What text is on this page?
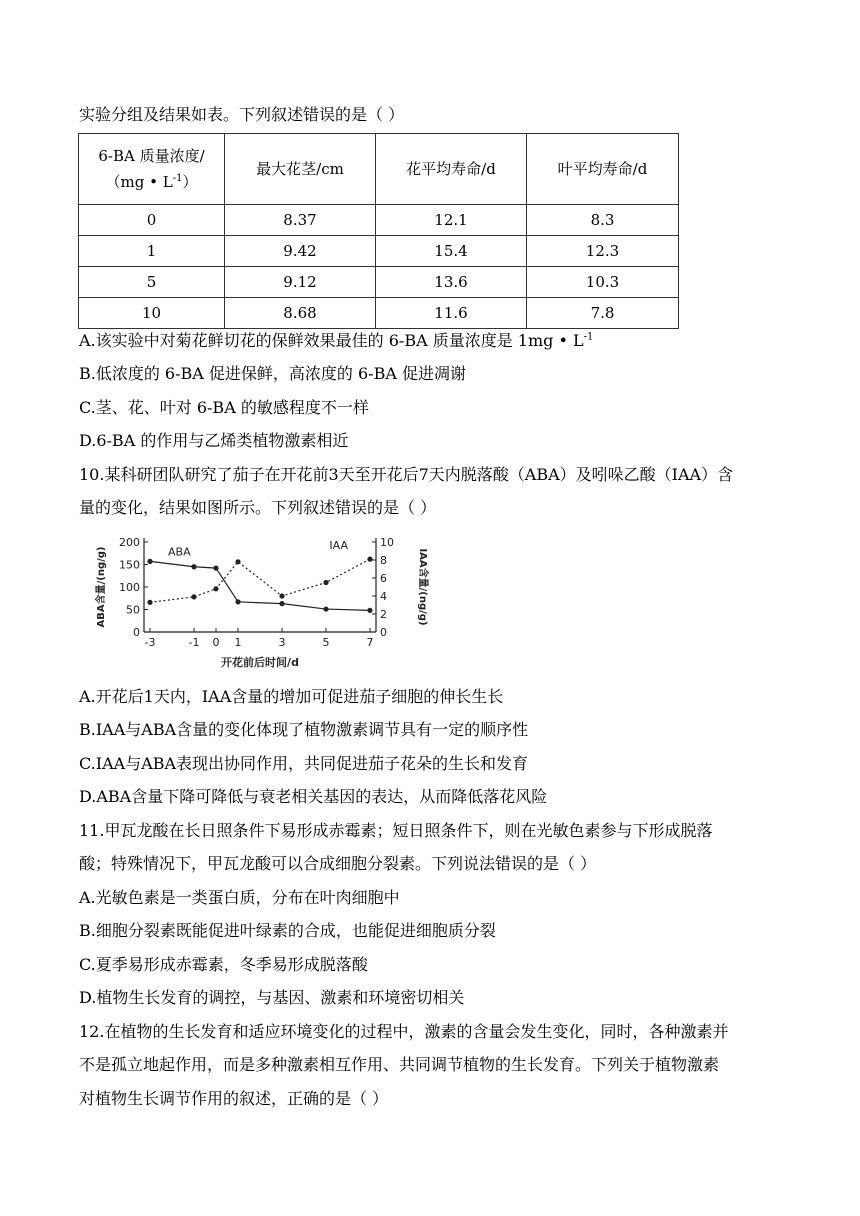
实验分组及结果如表。下列叙述错误的是（ ）
6-BA 质量浓度/
（mg • $L^{-1}$）	最大花茎/cm	花平均寿命/d	叶平均寿命/d
0	8.37	12.1	8.3
1	9.42	15.4	12.3
5	9.12	13.6	10.3
10	8.68	11.6	7.8
A.该实验中对菊花鲜切花的保鲜效果最佳的 6-BA 质量浓度是 1mg • $L^{-1}$
B.低浓度的 6-BA 促进保鲜，高浓度的 6-BA 促进凋谢
C.茎、花、叶对 6-BA 的敏感程度不一样
D.6-BA 的作用与乙烯类植物激素相近
10.某科研团队研究了茄子在开花前3天至开花后7天内脱落酸（ABA）及吲哚乙酸（IAA）含
量的变化，结果如图所示。下列叙述错误的是（ ）
-3	-1 0 1	3	5	7
0
50
100
150
200
0
2
4
6
8
10
开花前后时间/d
ABA含量/(ng/g)	IAA含量/(ng/g)
ABA	IAA
A.开花后1天内，IAA含量的增加可促进茄子细胞的伸长生长
B.IAA与ABA含量的变化体现了植物激素调节具有一定的顺序性
C.IAA与ABA表现出协同作用，共同促进茄子花朵的生长和发育
D.ABA含量下降可降低与衰老相关基因的表达，从而降低落花风险
11.甲瓦龙酸在长日照条件下易形成赤霉素；短日照条件下，则在光敏色素参与下形成脱落
酸；特殊情况下，甲瓦龙酸可以合成细胞分裂素。下列说法错误的是（ ）
A.光敏色素是一类蛋白质，分布在叶肉细胞中
B.细胞分裂素既能促进叶绿素的合成，也能促进细胞质分裂
C.夏季易形成赤霉素，冬季易形成脱落酸
D.植物生长发育的调控，与基因、激素和环境密切相关
12.在植物的生长发育和适应环境变化的过程中，激素的含量会发生变化，同时，各种激素并
不是孤立地起作用，而是多种激素相互作用、共同调节植物的生长发育。下列关于植物激素
对植物生长调节作用的叙述，正确的是（ ）
